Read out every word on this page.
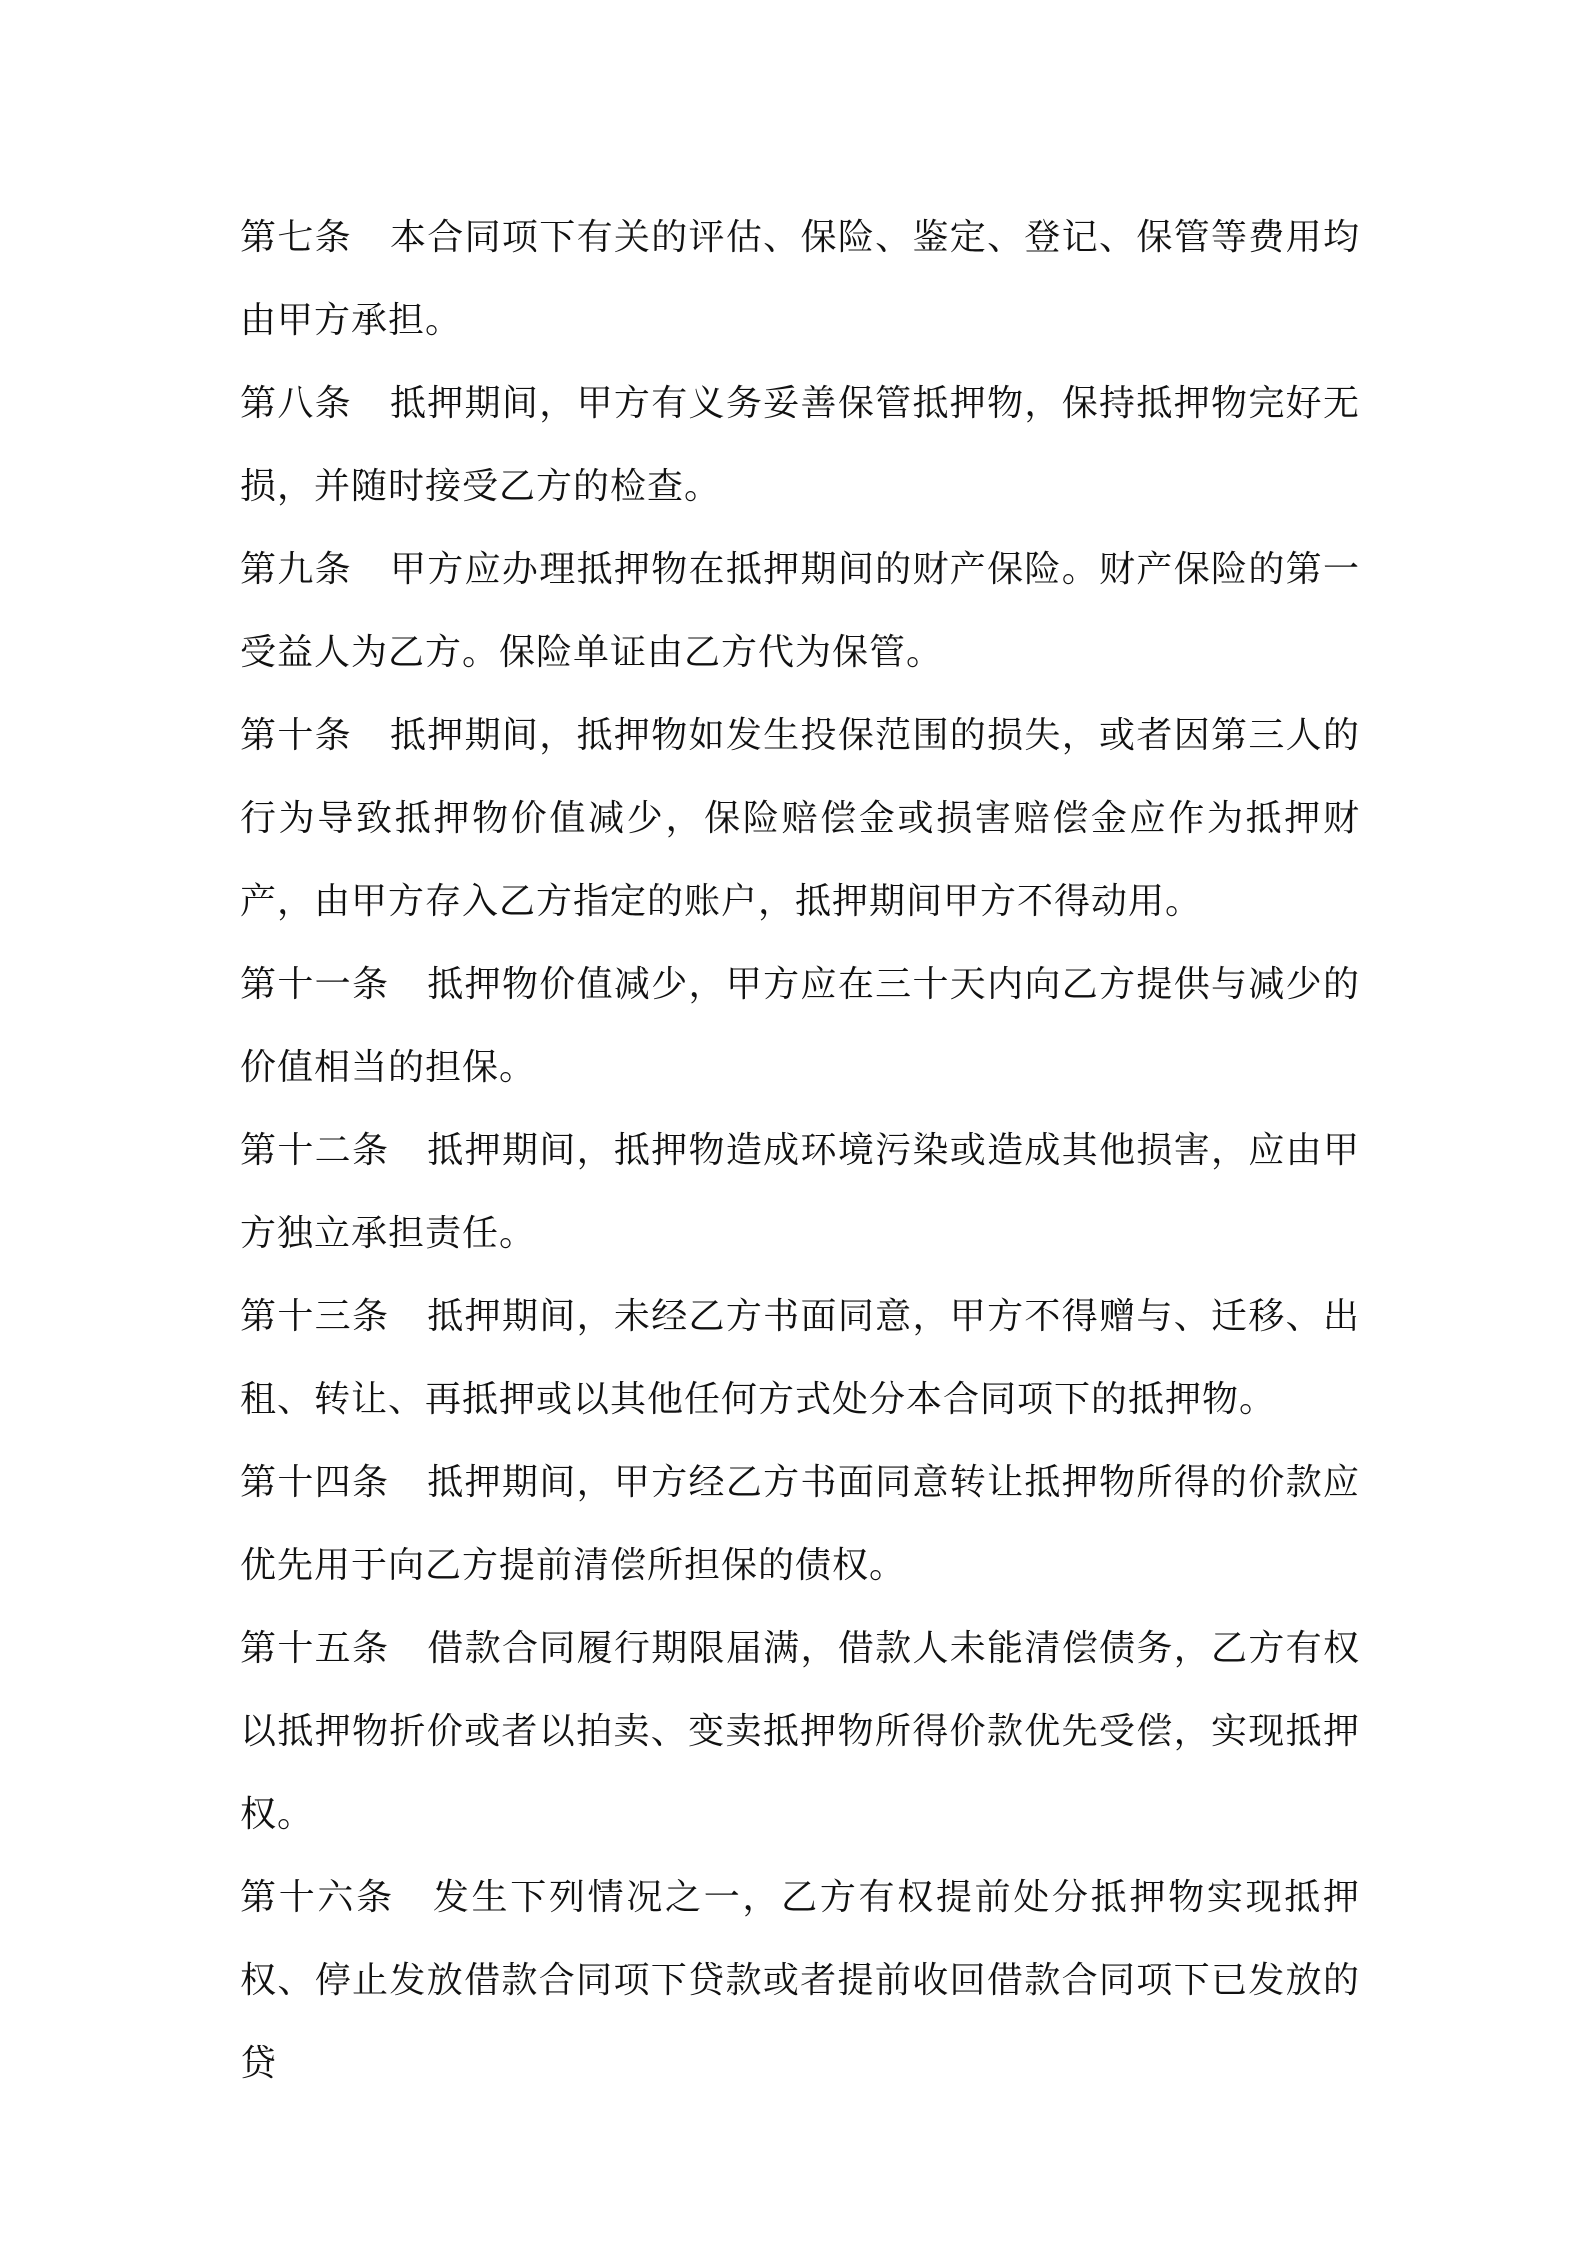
第七条 本合同项下有关的评估、保险、鉴定、登记、保管等费用均由甲方承担。

第八条 抵押期间，甲方有义务妥善保管抵押物，保持抵押物完好无损，并随时接受乙方的检查。

第九条 甲方应办理抵押物在抵押期间的财产保险。财产保险的第一受益人为乙方。保险单证由乙方代为保管。

第十条 抵押期间，抵押物如发生投保范围的损失，或者因第三人的行为导致抵押物价值减少，保险赔偿金或损害赔偿金应作为抵押财产，由甲方存入乙方指定的账户，抵押期间甲方不得动用。

第十一条 抵押物价值减少，甲方应在三十天内向乙方提供与减少的价值相当的担保。

第十二条 抵押期间，抵押物造成环境污染或造成其他损害，应由甲方独立承担责任。

第十三条 抵押期间，未经乙方书面同意，甲方不得赠与、迁移、出租、转让、再抵押或以其他任何方式处分本合同项下的抵押物。

第十四条 抵押期间，甲方经乙方书面同意转让抵押物所得的价款应优先用于向乙方提前清偿所担保的债权。

第十五条 借款合同履行期限届满，借款人未能清偿债务，乙方有权以抵押物折价或者以拍卖、变卖抵押物所得价款优先受偿，实现抵押权。

第十六条 发生下列情况之一，乙方有权提前处分抵押物实现抵押权、停止发放借款合同项下贷款或者提前收回借款合同项下已发放的贷
